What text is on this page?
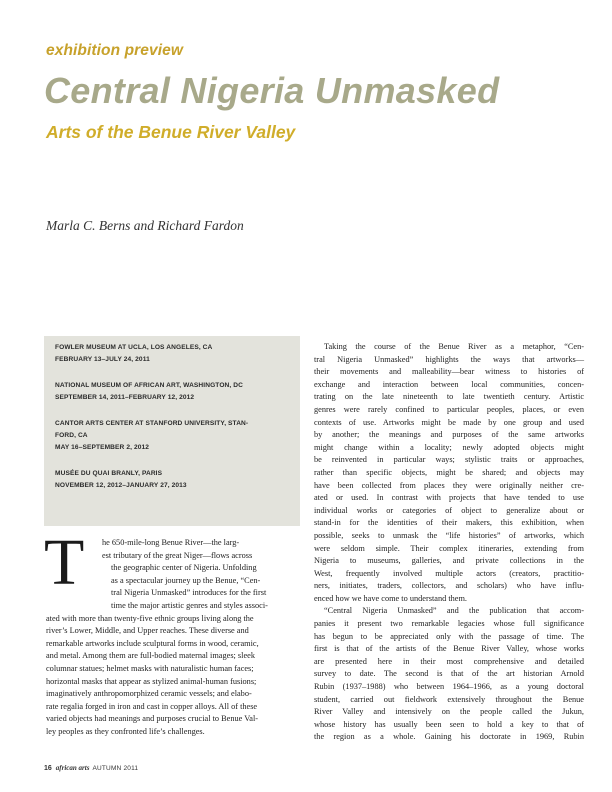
exhibition preview
Central Nigeria Unmasked
Arts of the Benue River Valley
Marla C. Berns and Richard Fardon
FOWLER MUSEUM AT UCLA, LOS ANGELES, CA
FEBRUARY 13–JULY 24, 2011
NATIONAL MUSEUM OF AFRICAN ART, WASHINGTON, DC
SEPTEMBER 14, 2011–FEBRUARY 12, 2012
CANTOR ARTS CENTER AT STANFORD UNIVERSITY, STAN-
FORD, CA
MAY 16–SEPTEMBER 2, 2012
MUSÉE DU QUAI BRANLY, PARIS
NOVEMBER 12, 2012–JANUARY 27, 2013
T he 650-mile-long Benue River—the larg-
est tributary of the great Niger—flows across
the geographic center of Nigeria. Unfolding
as a spectacular journey up the Benue, “Cen-
tral Nigeria Unmasked” introduces for the first
time the major artistic genres and styles associ-
ated with more than twenty-five ethnic groups living along the
river’s Lower, Middle, and Upper reaches. These diverse and
remarkable artworks include sculptural forms in wood, ceramic,
and metal. Among them are full-bodied maternal images; sleek
columnar statues; helmet masks with naturalistic human faces;
horizontal masks that appear as stylized animal-human fusions;
imaginatively anthropomorphized ceramic vessels; and elabo-
rate regalia forged in iron and cast in copper alloys. All of these
varied objects had meanings and purposes crucial to Benue Val-
ley peoples as they confronted life’s challenges.
Taking the course of the Benue River as a metaphor, “Cen-
tral Nigeria Unmasked” highlights the ways that artworks—
their movements and malleability—bear witness to histories of
exchange and interaction between local communities, concen-
trating on the late nineteenth to late twentieth century. Artistic
genres were rarely confined to particular peoples, places, or even
contexts of use. Artworks might be made by one group and used
by another; the meanings and purposes of the same artworks
might change within a locality; newly adopted objects might
be reinvented in particular ways; stylistic traits or approaches,
rather than specific objects, might be shared; and objects may
have been collected from places they were originally neither cre-
ated or used. In contrast with projects that have tended to use
individual works or categories of object to generalize about or
stand-in for the identities of their makers, this exhibition, when
possible, seeks to unmask the “life histories” of artworks, which
were seldom simple. Their complex itineraries, extending from
Nigeria to museums, galleries, and private collections in the
West, frequently involved multiple actors (creators, practitio-
ners, initiates, traders, collectors, and scholars) who have influ-
enced how we have come to understand them.
“Central Nigeria Unmasked” and the publication that accom-
panies it present two remarkable legacies whose full significance
has begun to be appreciated only with the passage of time. The
first is that of the artists of the Benue River Valley, whose works
are presented here in their most comprehensive and detailed
survey to date. The second is that of the art historian Arnold
Rubin (1937–1988) who between 1964–1966, as a young doctoral
student, carried out fieldwork extensively throughout the Benue
River Valley and intensively on the people called the Jukun,
whose history has usually been seen to hold a key to that of
the region as a whole. Gaining his doctorate in 1969, Rubin
16 african arts AUTUMN 2011
